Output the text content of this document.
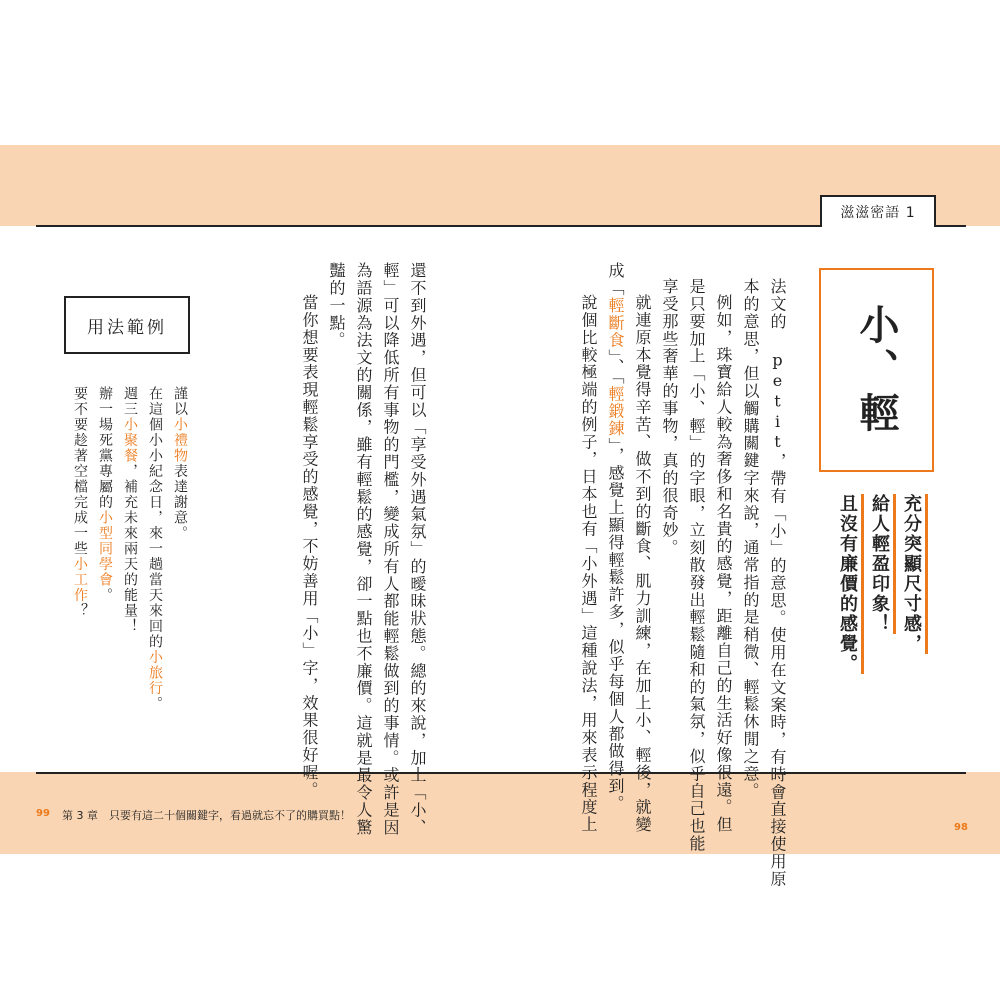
滋滋密語 1
小、輕
充分突顯尺寸感，
給人輕盈印象！
且沒有廉價的感覺。
法文的 petit，帶有「小」的意思。使用在文案時，有時會直接使用原
本的意思，但以觸購關鍵字來說，通常指的是稍微、輕鬆休閒之意。
例如，珠寶給人較為奢侈和名貴的感覺，距離自己的生活好像很遠。但
是只要加上「小、輕」的字眼，立刻散發出輕鬆隨和的氣氛，似乎自己也能
享受那些奢華的事物，真的很奇妙。
就連原本覺得辛苦、做不到的斷食、肌力訓練，在加上小、輕後，就變
成「輕斷食」、「輕鍛鍊」，感覺上顯得輕鬆許多，似乎每個人都做得到。
說個比較極端的例子，日本也有「小外遇」這種說法，用來表示程度上
還不到外遇，但可以「享受外遇氣氛」的曖昧狀態。總的來說，加上「小、
輕」可以降低所有事物的門檻，變成所有人都能輕鬆做到的事情。或許是因
為語源為法文的關係，雖有輕鬆的感覺，卻一點也不廉價。這就是最令人驚
豔的一點。
當你想要表現輕鬆享受的感覺，不妨善用「小」字，效果很好喔。
用法範例
謹以小禮物表達謝意。
在這個小小紀念日，來一趟當天來回的小旅行。
週三小聚餐，補充未來兩天的能量！
辦一場死黨專屬的小型同學會。
要不要趁著空檔完成一些小工作？
99 第 3 章　只要有這二十個關鍵字，看過就忘不了的購買點！
98
